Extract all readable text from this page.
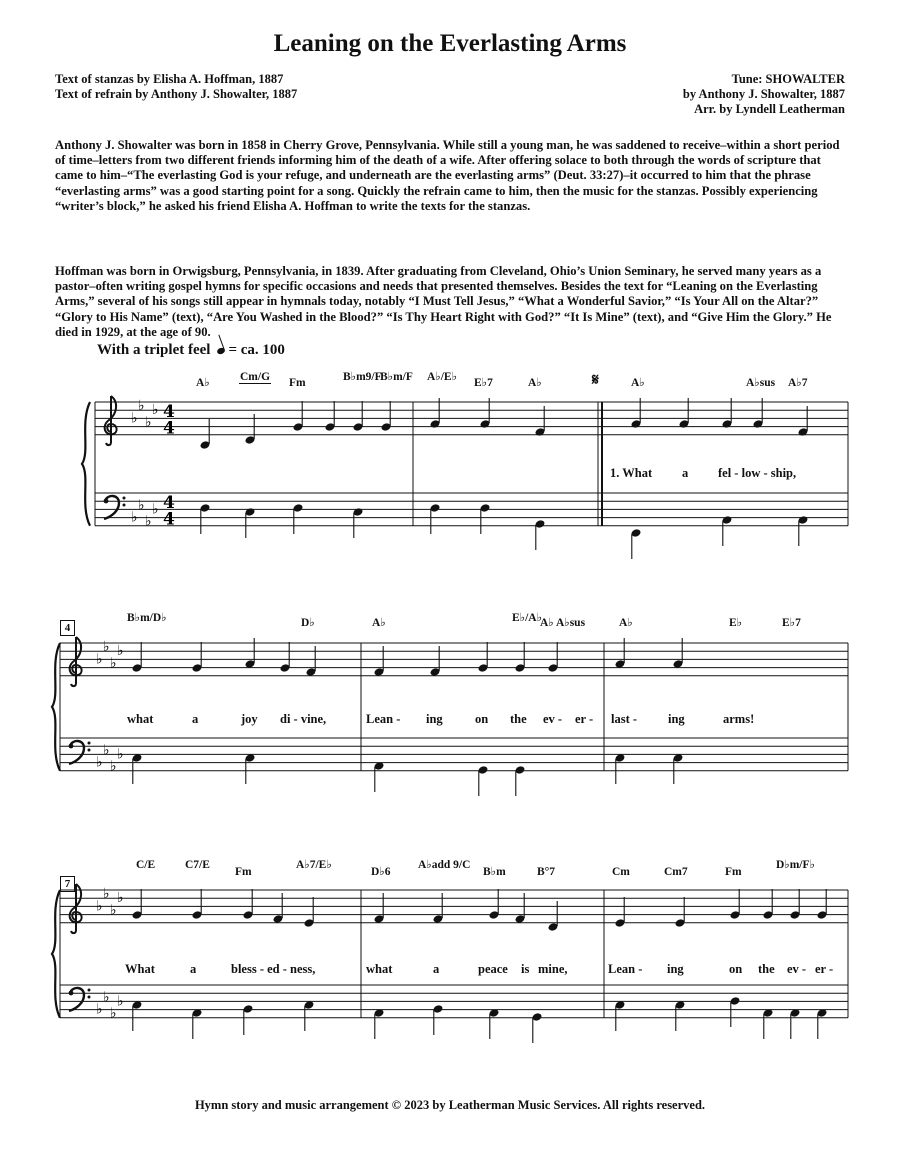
Leaning on the Everlasting Arms
Text of stanzas by Elisha A. Hoffman, 1887
Text of refrain by Anthony J. Showalter, 1887
Tune: SHOWALTER
by Anthony J. Showalter, 1887
Arr. by Lyndell Leatherman
Anthony J. Showalter was born in 1858 in Cherry Grove, Pennsylvania. While still a young man, he was saddened to receive–within a short period of time–letters from two different friends informing him of the death of a wife. After offering solace to both through the words of scripture that came to him–“The everlasting God is your refuge, and underneath are the everlasting arms” (Deut. 33:27)–it occurred to him that the phrase “everlasting arms” was a good starting point for a song. Quickly the refrain came to him, then the music for the stanzas. Possibly experiencing “writer’s block,” he asked his friend Elisha A. Hoffman to write the texts for the stanzas.
Hoffman was born in Orwigsburg, Pennsylvania, in 1839. After graduating from Cleveland, Ohio’s Union Seminary, he served many years as a pastor–often writing gospel hymns for specific occasions and needs that presented themselves. Besides the text for “Leaning on the Everlasting Arms,” several of his songs still appear in hymnals today, notably “I Must Tell Jesus,” “What a Wonderful Savior,” “Is Your All on the Altar?” “Glory to His Name” (text), “Are You Washed in the Blood?” “Is Thy Heart Right with God?” “It Is Mine” (text), and “Give Him the Glory.” He died in 1929, at the age of 90.
With a triplet feel = ca. 100
♭
♭
♭
♭ 4
4
♭
♭
♭
♭ 4
4
♭
♭
♭
♭
♭
♭
♭
♭
♭
♭
♭
♭
♭
♭
♭
♭
A♭	Cm/G Fm	B♭m9/F
B♭m/F A♭/E♭ E♭7	A♭	𝄋	A♭	A♭sus A♭7
1. What a fel - low - ship,
4
B♭m/D♭	D♭	A♭	E♭/A♭
A♭ A♭sus	A♭	E♭	E♭7
what	a	joy di - vine,	Lean - ing	on the ev - er - last - ing	arms!
7
C/E	C7/E
Fm
A♭7/E♭
D♭6
A♭add 9/C
B♭m	B°7	Cm	Cm7	Fm
D♭m/F♭
What	a	bless - ed - ness,	what	a	peace is mine,	Lean - ing	on the ev - er -
Hymn story and music arrangement © 2023 by Leatherman Music Services. All rights reserved.
